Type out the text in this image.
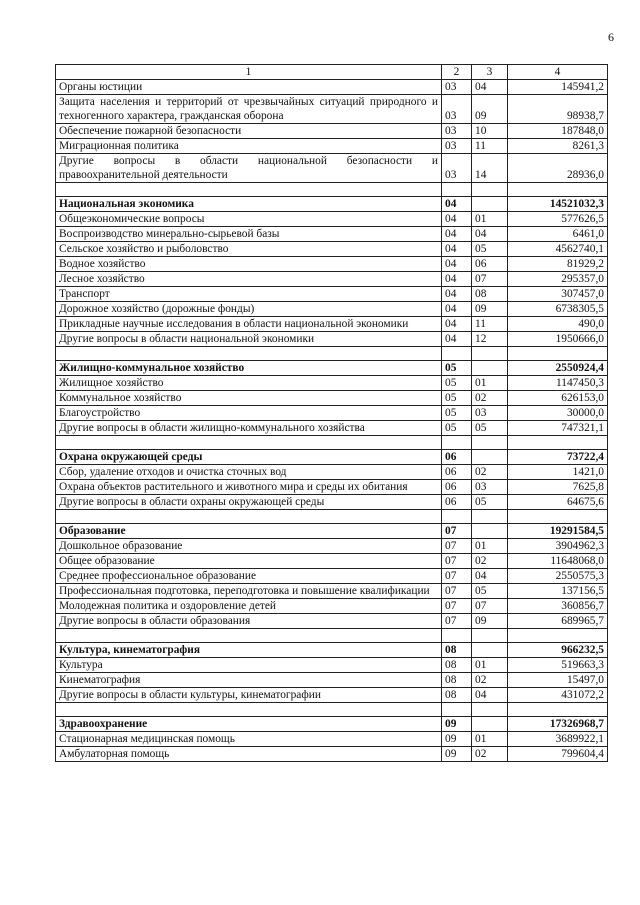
6
1	2	3	4
Органы юстиции	03	04	145941,2
Защита населения и территорий от чрезвычайных ситуаций природного и техногенного характера, гражданская оборона	03	09	98938,7
Обеспечение пожарной безопасности	03	10	187848,0
Миграционная политика	03	11	8261,3
Другие вопросы в области национальной безопасности и правоохранительной деятельности	03	14	28936,0

Национальная экономика	04		14521032,3
Общеэкономические вопросы	04	01	577626,5
Воспроизводство минерально-сырьевой базы	04	04	6461,0
Сельское хозяйство и рыболовство	04	05	4562740,1
Водное хозяйство	04	06	81929,2
Лесное хозяйство	04	07	295357,0
Транспорт	04	08	307457,0
Дорожное хозяйство (дорожные фонды)	04	09	6738305,5
Прикладные научные исследования в области национальной экономики	04	11	490,0
Другие вопросы в области национальной экономики	04	12	1950666,0

Жилищно-коммунальное хозяйство	05		2550924,4
Жилищное хозяйство	05	01	1147450,3
Коммунальное хозяйство	05	02	626153,0
Благоустройство	05	03	30000,0
Другие вопросы в области жилищно-коммунального хозяйства	05	05	747321,1

Охрана окружающей среды	06		73722,4
Сбор, удаление отходов и очистка сточных вод	06	02	1421,0
Охрана объектов растительного и животного мира и среды их обитания	06	03	7625,8
Другие вопросы в области охраны окружающей среды	06	05	64675,6

Образование	07		19291584,5
Дошкольное образование	07	01	3904962,3
Общее образование	07	02	11648068,0
Среднее профессиональное образование	07	04	2550575,3
Профессиональная подготовка, переподготовка и повышение квалификации	07	05	137156,5
Молодежная политика и оздоровление детей	07	07	360856,7
Другие вопросы в области образования	07	09	689965,7

Культура, кинематография	08		966232,5
Культура	08	01	519663,3
Кинематография	08	02	15497,0
Другие вопросы в области культуры, кинематографии	08	04	431072,2

Здравоохранение	09		17326968,7
Стационарная медицинская помощь	09	01	3689922,1
Амбулаторная помощь	09	02	799604,4
